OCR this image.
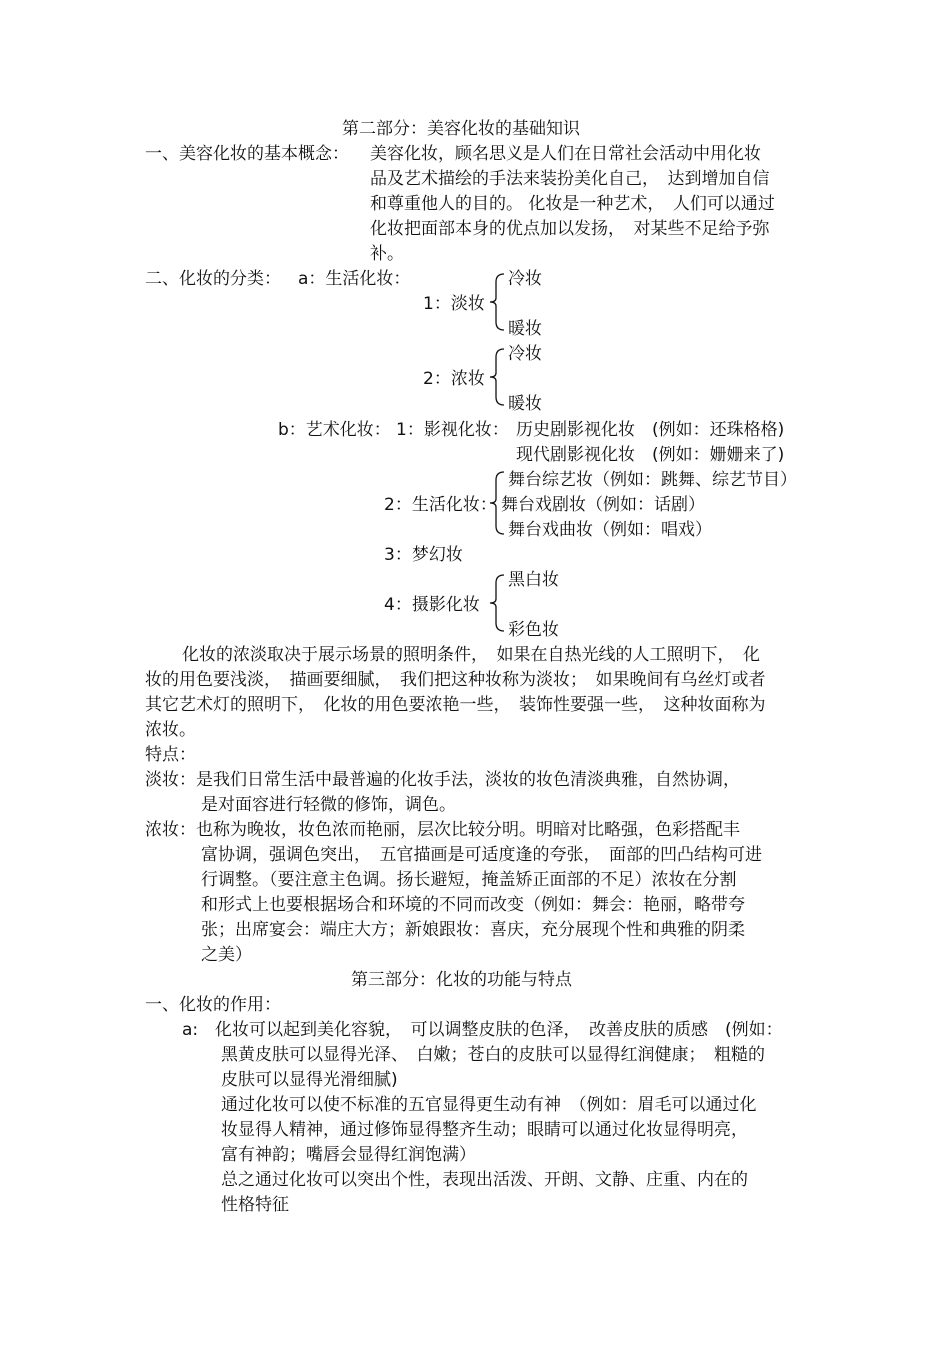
第二部分：美容化妆的基础知识
一、美容化妆的基本概念： 美容化妆，顾名思义是人们在日常社会活动中用化妆
品及艺术描绘的手法来装扮美化自己，　达到增加自信
和尊重他人的目的。 化妆是一种艺术，　人们可以通过
化妆把面部本身的优点加以发扬，　对某些不足给予弥
补。
二、化妆的分类： a：生活化妆：
1：淡妆
冷妆
暖妆
2：浓妆
冷妆
暖妆
b：艺术化妆： 1：影视化妆： 历史剧影视化妆　(例如：还珠格格)
现代剧影视化妆　(例如：姗姗来了)
2：生活化妆：
舞台综艺妆（例如：跳舞、综艺节目）
舞台戏剧妆（例如：话剧）
舞台戏曲妆（例如：唱戏）
3：梦幻妆
4：摄影化妆
黑白妆
彩色妆
化妆的浓淡取决于展示场景的照明条件，　如果在自热光线的人工照明下，　化
妆的用色要浅淡，　描画要细腻，　我们把这种妆称为淡妆；　如果晚间有乌丝灯或者
其它艺术灯的照明下，　化妆的用色要浓艳一些，　装饰性要强一些，　这种妆面称为
浓妆。
特点：
淡妆：是我们日常生活中最普遍的化妆手法，淡妆的妆色清淡典雅，自然协调，
是对面容进行轻微的修饰，调色。
浓妆：也称为晚妆，妆色浓而艳丽，层次比较分明。明暗对比略强，色彩搭配丰
富协调，强调色突出，　五官描画是可适度逢的夸张，　面部的凹凸结构可进
行调整。（要注意主色调。扬长避短，掩盖矫正面部的不足）浓妆在分割
和形式上也要根据场合和环境的不同而改变（例如：舞会：艳丽，略带夸
张；出席宴会：端庄大方；新娘跟妆：喜庆，充分展现个性和典雅的阴柔
之美）
第三部分：化妆的功能与特点
一、化妆的作用：
a: 化妆可以起到美化容貌，　可以调整皮肤的色泽，　改善皮肤的质感　(例如：
黑黄皮肤可以显得光泽、　白嫩；苍白的皮肤可以显得红润健康；　粗糙的
皮肤可以显得光滑细腻)
通过化妆可以使不标准的五官显得更生动有神　（例如：眉毛可以通过化
妆显得人精神，通过修饰显得整齐生动；眼睛可以通过化妆显得明亮，
富有神韵；嘴唇会显得红润饱满）
总之通过化妆可以突出个性，表现出活泼、开朗、文静、庄重、内在的
性格特征
